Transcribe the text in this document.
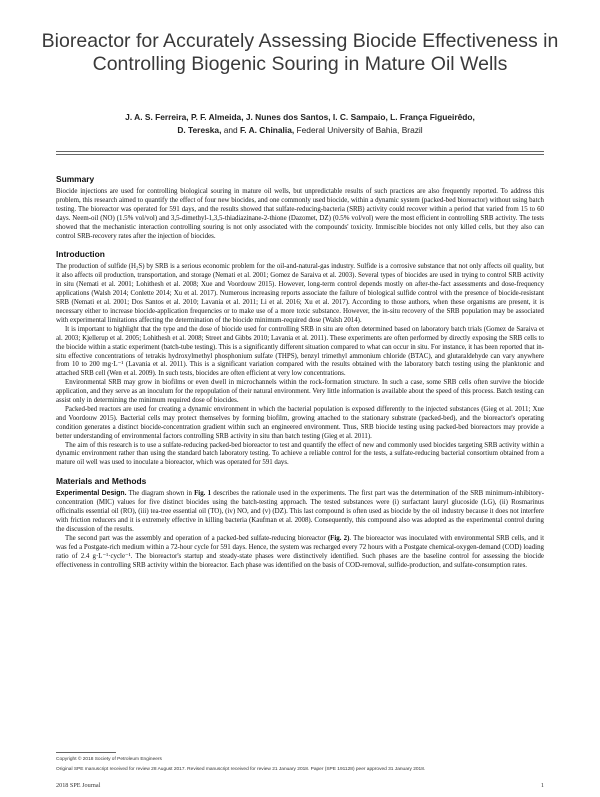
Bioreactor for Accurately Assessing Biocide Effectiveness in Controlling Biogenic Souring in Mature Oil Wells
J. A. S. Ferreira, P. F. Almeida, J. Nunes dos Santos, I. C. Sampaio, L. França Figueirêdo,
D. Tereska, and F. A. Chinalia, Federal University of Bahia, Brazil
Summary

Biocide injections are used for controlling biological souring in mature oil wells, but unpredictable results of such practices are also frequently reported. To address this problem, this research aimed to quantify the effect of four new biocides, and one commonly used biocide, within a dynamic system (packed-bed bioreactor) without using batch testing. The bioreactor was operated for 591 days, and the results showed that sulfate-reducing-bacteria (SRB) activity could recover within a period that varied from 15 to 60 days. Neem-oil (NO) (1.5% vol/vol) and 3,5-dimethyl-1,3,5-thiadiazinane-2-thione (Dazomet, DZ) (0.5% vol/vol) were the most efficient in controlling SRB activity. The tests showed that the mechanistic interaction controlling souring is not only associated with the compounds' toxicity. Immiscible biocides not only killed cells, but they also can control SRB-recovery rates after the injection of biocides.

Introduction

The production of sulfide (H₂S) by SRB is a serious economic problem for the oil-and-natural-gas industry. Sulfide is a corrosive substance that not only affects oil quality, but it also affects oil production, transportation, and storage (Nemati et al. 2001; Gomez de Saraiva et al. 2003). Several types of biocides are used in trying to control SRB activity in situ (Nemati et al. 2001; Lohithesh et al. 2008; Xue and Voordouw 2015). However, long-term control depends mostly on after-the-fact assessments and dose-frequency applications (Walsh 2014; Conlette 2014; Xu et al. 2017). Numerous increasing reports associate the failure of biological sulfide control with the presence of biocide-resistant SRB (Nemati et al. 2001; Dos Santos et al. 2010; Lavania et al. 2011; Li et al. 2016; Xu et al. 2017). According to those authors, when these organisms are present, it is necessary either to increase biocide-application frequencies or to make use of a more toxic substance. However, the in-situ recovery of the SRB population may be associated with experimental limitations affecting the determination of the biocide minimum-required dose (Walsh 2014).

It is important to highlight that the type and the dose of biocide used for controlling SRB in situ are often determined based on laboratory batch trials (Gomez de Saraiva et al. 2003; Kjellerup et al. 2005; Lohithesh et al. 2008; Street and Gibbs 2010; Lavania et al. 2011). These experiments are often performed by directly exposing the SRB cells to the biocide within a static experiment (batch-tube testing). This is a significantly different situation compared to what can occur in situ. For instance, it has been reported that in-situ effective concentrations of tetrakis hydroxylmethyl phosphonium sulfate (THPS), benzyl trimethyl ammonium chloride (BTAC), and glutaraldehyde can vary anywhere from 10 to 200 mg·L⁻¹ (Lavania et al. 2011). This is a significant variation compared with the results obtained with the laboratory batch testing using the planktonic and attached SRB cell (Wen et al. 2009). In such tests, biocides are often efficient at very low concentrations.

Environmental SRB may grow in biofilms or even dwell in microchannels within the rock-formation structure. In such a case, some SRB cells often survive the biocide application, and they serve as an inoculum for the repopulation of their natural environment. Very little information is available about the speed of this process. Batch testing can assist only in determining the minimum required dose of biocides.

Packed-bed reactors are used for creating a dynamic environment in which the bacterial population is exposed differently to the injected substances (Gieg et al. 2011; Xue and Voordouw 2015). Bacterial cells may protect themselves by forming biofilm, growing attached to the stationary substrate (packed-bed), and the bioreactor's operating condition generates a distinct biocide-concentration gradient within such an engineered environment. Thus, SRB biocide testing using packed-bed bioreactors may provide a better understanding of environmental factors controlling SRB activity in situ than batch testing (Gieg et al. 2011).

The aim of this research is to use a sulfate-reducing packed-bed bioreactor to test and quantify the effect of new and commonly used biocides targeting SRB activity within a dynamic environment rather than using the standard batch laboratory testing. To achieve a reliable control for the tests, a sulfate-reducing bacterial consortium obtained from a mature oil well was used to inoculate a bioreactor, which was operated for 591 days.

Materials and Methods

Experimental Design. The diagram shown in Fig. 1 describes the rationale used in the experiments. The first part was the determination of the SRB minimum-inhibitory-concentration (MIC) values for five distinct biocides using the batch-testing approach. The tested substances were (i) surfactant lauryl glucoside (LG), (ii) Rosmarinus officinalis essential oil (RO), (iii) tea-tree essential oil (TO), (iv) NO, and (v) (DZ). This last compound is often used as biocide by the oil industry because it does not interfere with friction reducers and it is extremely effective in killing bacteria (Kaufman et al. 2008). Consequently, this compound also was adopted as the experimental control during the discussion of the results.

The second part was the assembly and operation of a packed-bed sulfate-reducing bioreactor (Fig. 2). The bioreactor was inoculated with environmental SRB cells, and it was fed a Postgate-rich medium within a 72-hour cycle for 591 days. Hence, the system was recharged every 72 hours with a Postgate chemical-oxygen-demand (COD) loading ratio of 2.4 g·L⁻¹·cycle⁻¹. The bioreactor's startup and steady-state phases were distinctively identified. Such phases are the baseline control for assessing the biocide effectiveness in controlling SRB activity within the bioreactor. Each phase was identified on the basis of COD-removal, sulfide-production, and sulfate-consumption rates.

Copyright © 2018 Society of Petroleum Engineers
Original SPE manuscript received for review 28 August 2017. Revised manuscript received for review 21 January 2018. Paper (SPE 191128) peer approved 31 January 2018.
2018 SPE Journal	1
